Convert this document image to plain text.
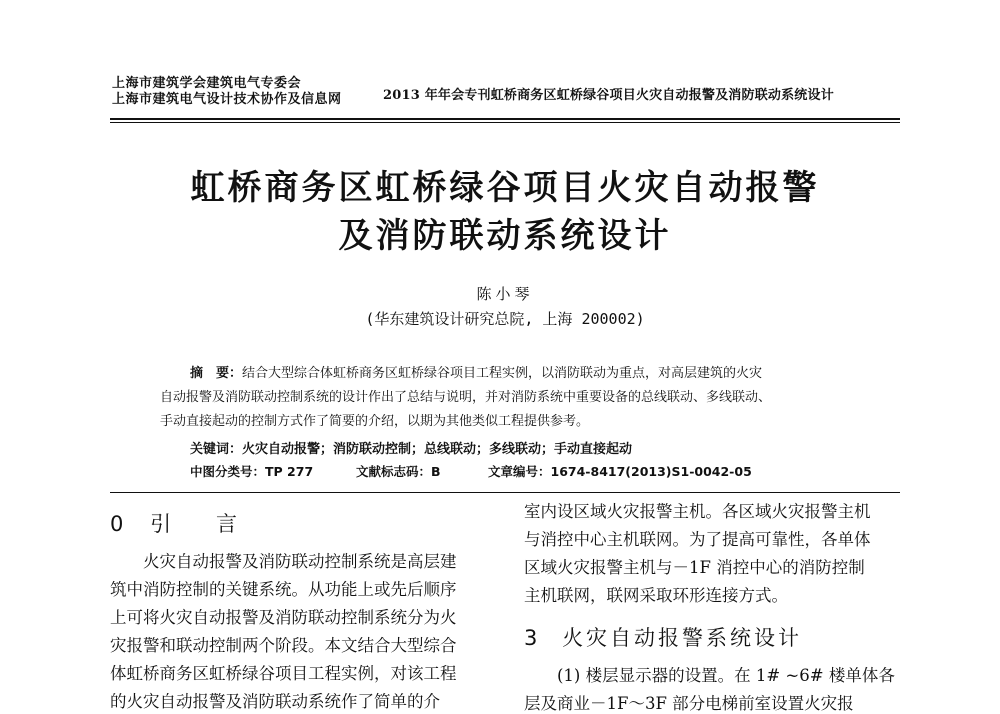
上海市建筑学会建筑电气专委会
上海市建筑电气设计技术协作及信息网	2013 年年会专刊虹桥商务区虹桥绿谷项目火灾自动报警及消防联动系统设计
虹桥商务区虹桥绿谷项目火灾自动报警
及消防联动系统设计
陈小琴
(华东建筑设计研究总院, 上海 200002)
摘　要：结合大型综合体虹桥商务区虹桥绿谷项目工程实例，以消防联动为重点，对高层建筑的火灾
自动报警及消防联动控制系统的设计作出了总结与说明，并对消防系统中重要设备的总线联动、多线联动、
手动直接起动的控制方式作了简要的介绍，以期为其他类似工程提供参考。
关键词：火灾自动报警；消防联动控制；总线联动；多线联动；手动直接起动
中图分类号：TP 277	文献标志码：B	文章编号：1674-8417(2013)S1-0042-05
0 引　言
　　火灾自动报警及消防联动控制系统是高层建
筑中消防控制的关键系统。从功能上或先后顺序
上可将火灾自动报警及消防联动控制系统分为火
灾报警和联动控制两个阶段。本文结合大型综合
体虹桥商务区虹桥绿谷项目工程实例，对该工程
的火灾自动报警及消防联动系统作了简单的介
室内设区域火灾报警主机。各区域火灾报警主机
与消控中心主机联网。为了提高可靠性，各单体
区域火灾报警主机与－1F 消控中心的消防控制
主机联网，联网采取环形连接方式。
3 火灾自动报警系统设计
　　(1) 楼层显示器的设置。在 1# ~6# 楼单体各
层及商业－1F～3F 部分电梯前室设置火灾报
